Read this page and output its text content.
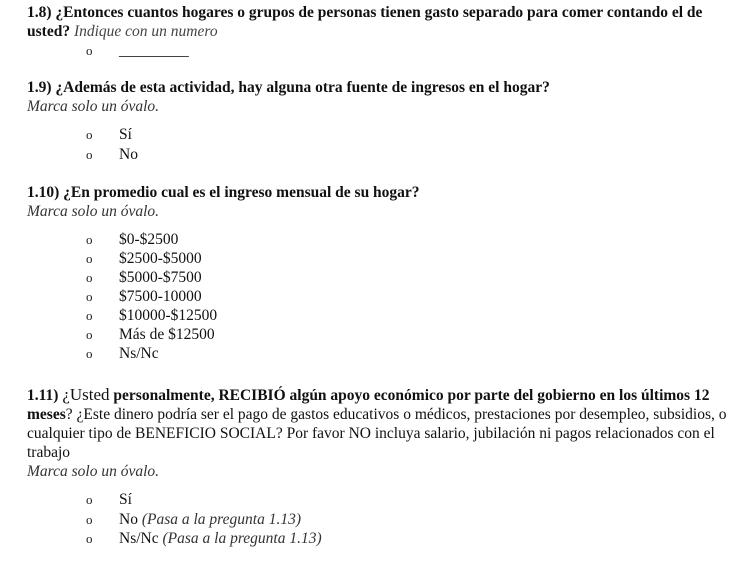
1.8) ¿Entonces cuantos hogares o grupos de personas tienen gasto separado para comer contando el de usted? Indique con un numero
o _________
1.9) ¿Además de esta actividad, hay alguna otra fuente de ingresos en el hogar?
Marca solo un óvalo.
o Sí
o No
1.10) ¿En promedio cual es el ingreso mensual de su hogar?
Marca solo un óvalo.
o $0-$2500
o $2500-$5000
o $5000-$7500
o $7500-10000
o $10000-$12500
o Más de $12500
o Ns/Nc
1.11) ¿Usted personalmente, RECIBIÓ algún apoyo económico por parte del gobierno en los últimos 12 meses? ¿Este dinero podría ser el pago de gastos educativos o médicos, prestaciones por desempleo, subsidios, o cualquier tipo de BENEFICIO SOCIAL? Por favor NO incluya salario, jubilación ni pagos relacionados con el trabajo
Marca solo un óvalo.
o Sí
o No (Pasa a la pregunta 1.13)
o Ns/Nc (Pasa a la pregunta 1.13)
